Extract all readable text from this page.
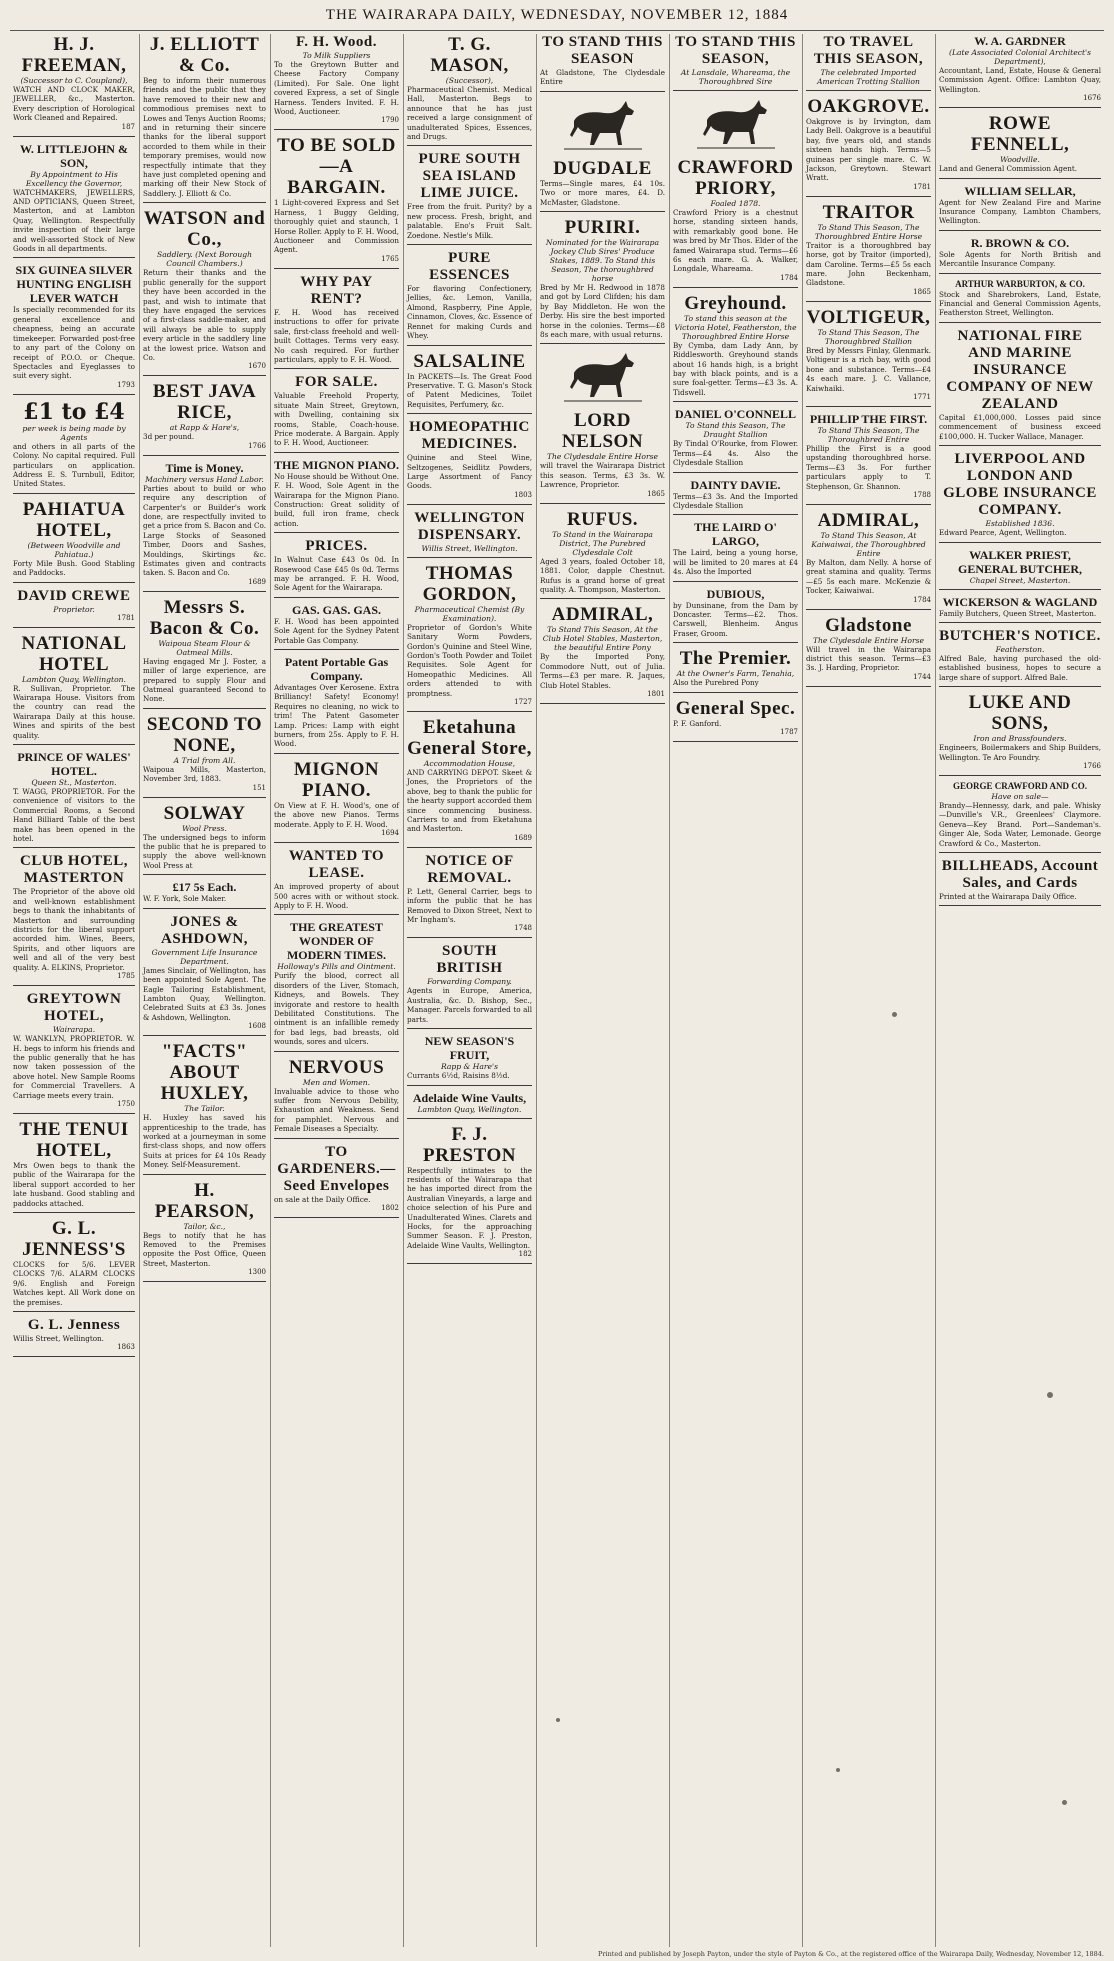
THE WAIRARAPA DAILY, WEDNESDAY, NOVEMBER 12, 1884
H. J. FREEMAN,
(Successor to C. Coupland),
WATCH AND CLOCK MAKER, JEWELLER, &c., Masterton. Every description of Horological Work Cleaned and Repaired.
187
W. LITTLEJOHN & SON,
By Appointment to His Excellency the Governor,
WATCHMAKERS, JEWELLERS, AND OPTICIANS, Queen Street, Masterton, and at Lambton Quay, Wellington. Respectfully invite inspection of their large and well-assorted Stock of New Goods in all departments.
SIX GUINEA SILVER HUNTING ENGLISH LEVER WATCH
Is specially recommended for its general excellence and cheapness, being an accurate timekeeper. Forwarded post-free to any part of the Colony on receipt of P.O.O. or Cheque. Spectacles and Eyeglasses to suit every sight.
1793
£1 to £4
per week is being made by Agents
and others in all parts of the Colony. No capital required. Full particulars on application. Address E. S. Turnbull, Editor, United States.
PAHIATUA HOTEL,
(Between Woodville and Pahiatua.)
Forty Mile Bush. Good Stabling and Paddocks.
DAVID CREWE
Proprietor.
1781
NATIONAL HOTEL
Lambton Quay, Wellington.
R. Sullivan, Proprietor. The Wairarapa House. Visitors from the country can read the Wairarapa Daily at this house. Wines and spirits of the best quality.
PRINCE OF WALES' HOTEL.
Queen St., Masterton.
T. WAGG, PROPRIETOR. For the convenience of visitors to the Commercial Rooms, a Second Hand Billiard Table of the best make has been opened in the hotel.
CLUB HOTEL, MASTERTON
The Proprietor of the above old and well-known establishment begs to thank the inhabitants of Masterton and surrounding districts for the liberal support accorded him. Wines, Beers, Spirits, and other liquors are well and all of the very best quality. A. ELKINS, Proprietor.
1785
GREYTOWN HOTEL,
Wairarapa.
W. WANKLYN, PROPRIETOR. W. H. begs to inform his friends and the public generally that he has now taken possession of the above hotel. New Sample Rooms for Commercial Travellers. A Carriage meets every train.
1750
THE TENUI HOTEL,
Mrs Owen begs to thank the public of the Wairarapa for the liberal support accorded to her late husband. Good stabling and paddocks attached.
G. L. JENNESS'S
CLOCKS for 5/6. LEVER CLOCKS 7/6. ALARM CLOCKS 9/6. English and Foreign Watches kept. All Work done on the premises.
G. L. Jenness
Willis Street, Wellington.
1863
J. ELLIOTT & Co.
Beg to inform their numerous friends and the public that they have removed to their new and commodious premises next to Lowes and Tenys Auction Rooms; and in returning their sincere thanks for the liberal support accorded to them while in their temporary premises, would now respectfully intimate that they have just completed opening and marking off their New Stock of Saddlery. J. Elliott & Co.
WATSON and Co.,
Saddlery. (Next Borough Council Chambers.)
Return their thanks and the public generally for the support they have been accorded in the past, and wish to intimate that they have engaged the services of a first-class saddle-maker, and will always be able to supply every article in the saddlery line at the lowest price. Watson and Co.
1670
BEST JAVA RICE,
at Rapp & Hare's,
3d per pound.
1766
Time is Money.
Machinery versus Hand Labor.
Parties about to build or who require any description of Carpenter's or Builder's work done, are respectfully invited to get a price from S. Bacon and Co. Large Stocks of Seasoned Timber, Doors and Sashes, Mouldings, Skirtings &c. Estimates given and contracts taken. S. Bacon and Co.
1689
Messrs S. Bacon & Co.
Waipoua Steam Flour & Oatmeal Mills.
Having engaged Mr J. Foster, a miller of large experience, are prepared to supply Flour and Oatmeal guaranteed Second to None.
SECOND TO NONE,
A Trial from All.
Waipoua Mills, Masterton, November 3rd, 1883.
151
SOLWAY
Wool Press.
The undersigned begs to inform the public that he is prepared to supply the above well-known Wool Press at
£17 5s Each.
W. F. York, Sole Maker.
JONES & ASHDOWN,
Government Life Insurance Department.
James Sinclair, of Wellington, has been appointed Sole Agent. The Eagle Tailoring Establishment, Lambton Quay, Wellington. Celebrated Suits at £3 3s. Jones & Ashdown, Wellington.
1608
"FACTS" ABOUT HUXLEY,
The Tailor.
H. Huxley has saved his apprenticeship to the trade, has worked at a journeyman in some first-class shops, and now offers Suits at prices for £4 10s Ready Money. Self-Measurement.
H. PEARSON,
Tailor, &c.,
Begs to notify that he has Removed to the Premises opposite the Post Office, Queen Street, Masterton.
1300
F. H. Wood.
To Milk Suppliers
To the Greytown Butter and Cheese Factory Company (Limited). For Sale. One light covered Express, a set of Single Harness. Tenders Invited. F. H. Wood, Auctioneer.
1790
TO BE SOLD—A BARGAIN.
1 Light-covered Express and Set Harness, 1 Buggy Gelding, thoroughly quiet and staunch, 1 Horse Roller. Apply to F. H. Wood, Auctioneer and Commission Agent.
1765
WHY PAY RENT?
F. H. Wood has received instructions to offer for private sale, first-class freehold and well-built Cottages. Terms very easy. No cash required. For further particulars, apply to F. H. Wood.
FOR SALE.
Valuable Freehold Property, situate Main Street, Greytown, with Dwelling, containing six rooms, Stable, Coach-house. Price moderate. A Bargain. Apply to F. H. Wood, Auctioneer.
THE MIGNON PIANO.
No House should be Without One. F. H. Wood, Sole Agent in the Wairarapa for the Mignon Piano. Construction: Great solidity of build, full iron frame, check action.
PRICES.
In Walnut Case £43 0s 0d. In Rosewood Case £45 0s 0d. Terms may be arranged. F. H. Wood, Sole Agent for the Wairarapa.
GAS. GAS. GAS.
F. H. Wood has been appointed Sole Agent for the Sydney Patent Portable Gas Company.
Patent Portable Gas Company.
Advantages Over Kerosene. Extra Brilliancy! Safety! Economy! Requires no cleaning, no wick to trim! The Patent Gasometer Lamp. Prices: Lamp with eight burners, from 25s. Apply to F. H. Wood.
MIGNON PIANO.
On View at F. H. Wood's, one of the above new Pianos. Terms moderate. Apply to F. H. Wood.
1694
WANTED TO LEASE.
An improved property of about 500 acres with or without stock. Apply to F. H. Wood.
THE GREATEST WONDER OF MODERN TIMES.
Holloway's Pills and Ointment.
Purify the blood, correct all disorders of the Liver, Stomach, Kidneys, and Bowels. They invigorate and restore to health Debilitated Constitutions. The ointment is an infallible remedy for bad legs, bad breasts, old wounds, sores and ulcers.
NERVOUS
Men and Women.
Invaluable advice to those who suffer from Nervous Debility, Exhaustion and Weakness. Send for pamphlet. Nervous and Female Diseases a Specialty.
TO GARDENERS.—Seed Envelopes
on sale at the Daily Office.
1802
T. G. MASON,
(Successor),
Pharmaceutical Chemist. Medical Hall, Masterton. Begs to announce that he has just received a large consignment of unadulterated Spices, Essences, and Drugs.
PURE SOUTH SEA ISLAND LIME JUICE.
Free from the fruit. Purity? by a new process. Fresh, bright, and palatable. Eno's Fruit Salt. Zoedone. Nestle's Milk.
PURE ESSENCES
For flavoring Confectionery, Jellies, &c. Lemon, Vanilla, Almond, Raspberry, Pine Apple, Cinnamon, Cloves, &c. Essence of Rennet for making Curds and Whey.
SALSALINE
In PACKETS—Is. The Great Food Preservative. T. G. Mason's Stock of Patent Medicines, Toilet Requisites, Perfumery, &c.
HOMEOPATHIC MEDICINES.
Quinine and Steel Wine, Seltzogenes, Seidlitz Powders, Large Assortment of Fancy Goods.
1803
WELLINGTON DISPENSARY.
Willis Street, Wellington.
THOMAS GORDON,
Pharmaceutical Chemist (By Examination).
Proprietor of Gordon's White Sanitary Worm Powders, Gordon's Quinine and Steel Wine, Gordon's Tooth Powder and Toilet Requisites. Sole Agent for Homeopathic Medicines. All orders attended to with promptness.
1727
Eketahuna General Store,
Accommodation House,
AND CARRYING DEPOT. Skeet & Jones, the Proprietors of the above, beg to thank the public for the hearty support accorded them since commencing business. Carriers to and from Eketahuna and Masterton.
1689
NOTICE OF REMOVAL.
P. Lett, General Carrier, begs to inform the public that he has Removed to Dixon Street, Next to Mr Ingham's.
1748
SOUTH BRITISH
Forwarding Company.
Agents in Europe, America, Australia, &c. D. Bishop, Sec., Manager. Parcels forwarded to all parts.
NEW SEASON'S FRUIT,
Rapp & Hare's
Currants 6½d, Raisins 8½d.
Adelaide Wine Vaults,
Lambton Quay, Wellington.
F. J. PRESTON
Respectfully intimates to the residents of the Wairarapa that he has imported direct from the Australian Vineyards, a large and choice selection of his Pure and Unadulterated Wines. Clarets and Hocks, for the approaching Summer Season. F. J. Preston, Adelaide Wine Vaults, Wellington.
182
TO STAND THIS SEASON
At Gladstone, The Clydesdale Entire
DUGDALE
Terms—Single mares, £4 10s. Two or more mares, £4. D. McMaster, Gladstone.
PURIRI.
Nominated for the Wairarapa Jockey Club Sires' Produce Stakes, 1889. To Stand this Season, The thoroughbred horse
Bred by Mr H. Redwood in 1878 and got by Lord Clifden; his dam by Bay Middleton. He won the Derby. His sire the best imported horse in the colonies. Terms—£8 8s each mare, with usual returns.
LORD NELSON
The Clydesdale Entire Horse
will travel the Wairarapa District this season. Terms, £3 3s. W. Lawrence, Proprietor.
1865
RUFUS.
To Stand in the Wairarapa District, The Purebred Clydesdale Colt
Aged 3 years, foaled October 18, 1881. Color, dapple Chestnut. Rufus is a grand horse of great quality. A. Thompson, Masterton.
ADMIRAL,
To Stand This Season, At the Club Hotel Stables, Masterton, the beautiful Entire Pony
By the Imported Pony, Commodore Nutt, out of Julia. Terms—£3 per mare. R. Jaques, Club Hotel Stables.
1801
TO STAND THIS SEASON,
At Lansdale, Whareama, the Thoroughbred Sire
CRAWFORD PRIORY,
Foaled 1878.
Crawford Priory is a chestnut horse, standing sixteen hands, with remarkably good bone. He was bred by Mr Thos. Elder of the famed Wairarapa stud. Terms—£6 6s each mare. G. A. Walker, Longdale, Whareama.
1784
Greyhound.
To stand this season at the Victoria Hotel, Featherston, the Thoroughbred Entire Horse
By Cymba, dam Lady Ann, by Riddlesworth. Greyhound stands about 16 hands high, is a bright bay with black points, and is a sure foal-getter. Terms—£3 3s. A. Tidswell.
DANIEL O'CONNELL
To Stand this Season, The Draught Stallion
By Tindal O'Rourke, from Flower. Terms—£4 4s. Also the Clydesdale Stallion
DAINTY DAVIE.
Terms—£3 3s. And the Imported Clydesdale Stallion
THE LAIRD O' LARGO,
The Laird, being a young horse, will be limited to 20 mares at £4 4s. Also the Imported
DUBIOUS,
by Dunsinane, from the Dam by Doncaster. Terms—£2. Thos. Carswell, Blenheim. Angus Fraser, Groom.
The Premier.
At the Owner's Farm, Tenahia,
Also the Purebred Pony
General Spec.
P. F. Ganford.
1787
TO TRAVEL THIS SEASON,
The celebrated Imported American Trotting Stallion
OAKGROVE.
Oakgrove is by Irvington, dam Lady Bell. Oakgrove is a beautiful bay, five years old, and stands sixteen hands high. Terms—5 guineas per single mare. C. W. Jackson, Greytown. Stewart Wratt.
1781
TRAITOR
To Stand This Season, The Thoroughbred Entire Horse
Traitor is a thoroughbred bay horse, got by Traitor (imported), dam Caroline. Terms—£5 5s each mare. John Beckenham, Gladstone.
1865
VOLTIGEUR,
To Stand This Season, The Thoroughbred Stallion
Bred by Messrs Finlay, Glenmark. Voltigeur is a rich bay, with good bone and substance. Terms—£4 4s each mare. J. C. Vallance, Kaiwhaiki.
1771
PHILLIP THE FIRST.
To Stand This Season, The Thoroughbred Entire
Phillip the First is a good upstanding thoroughbred horse. Terms—£3 3s. For further particulars apply to T. Stephenson, Gr. Shannon.
1788
ADMIRAL,
To Stand This Season, At Kaiwaiwai, the Thoroughbred Entire
By Malton, dam Nelly. A horse of great stamina and quality. Terms—£5 5s each mare. McKenzie & Tocker, Kaiwaiwai.
1784
Gladstone
The Clydesdale Entire Horse
Will travel in the Wairarapa district this season. Terms—£3 3s. J. Harding, Proprietor.
1744
W. A. GARDNER
(Late Associated Colonial Architect's Department),
Accountant, Land, Estate, House & General Commission Agent. Office: Lambton Quay, Wellington.
1676
ROWE FENNELL,
Woodville.
Land and General Commission Agent.
WILLIAM SELLAR,
Agent for New Zealand Fire and Marine Insurance Company, Lambton Chambers, Wellington.
R. BROWN & CO.
Sole Agents for North British and Mercantile Insurance Company.
ARTHUR WARBURTON, & CO.
Stock and Sharebrokers, Land, Estate, Financial and General Commission Agents, Featherston Street, Wellington.
NATIONAL FIRE AND MARINE INSURANCE COMPANY OF NEW ZEALAND
Capital £1,000,000. Losses paid since commencement of business exceed £100,000. H. Tucker Wallace, Manager.
LIVERPOOL AND LONDON AND GLOBE INSURANCE COMPANY.
Established 1836.
Edward Pearce, Agent, Wellington.
WALKER PRIEST, GENERAL BUTCHER,
Chapel Street, Masterton.
WICKERSON & WAGLAND
Family Butchers, Queen Street, Masterton.
BUTCHER'S NOTICE.
Featherston.
Alfred Bale, having purchased the old-established business, hopes to secure a large share of support. Alfred Bale.
LUKE AND SONS,
Iron and Brassfounders.
Engineers, Boilermakers and Ship Builders, Wellington. Te Aro Foundry.
1766
GEORGE CRAWFORD AND CO.
Have on sale—
Brandy—Hennessy, dark, and pale. Whisky—Dunville's V.R., Greenlees' Claymore. Geneva—Key Brand. Port—Sandeman's. Ginger Ale, Soda Water, Lemonade. George Crawford & Co., Masterton.
BILLHEADS, Account Sales, and Cards
Printed at the Wairarapa Daily Office.
Printed and published by Joseph Payton, under the style of Payton & Co., at the registered office of the Wairarapa Daily, Wednesday, November 12, 1884.
